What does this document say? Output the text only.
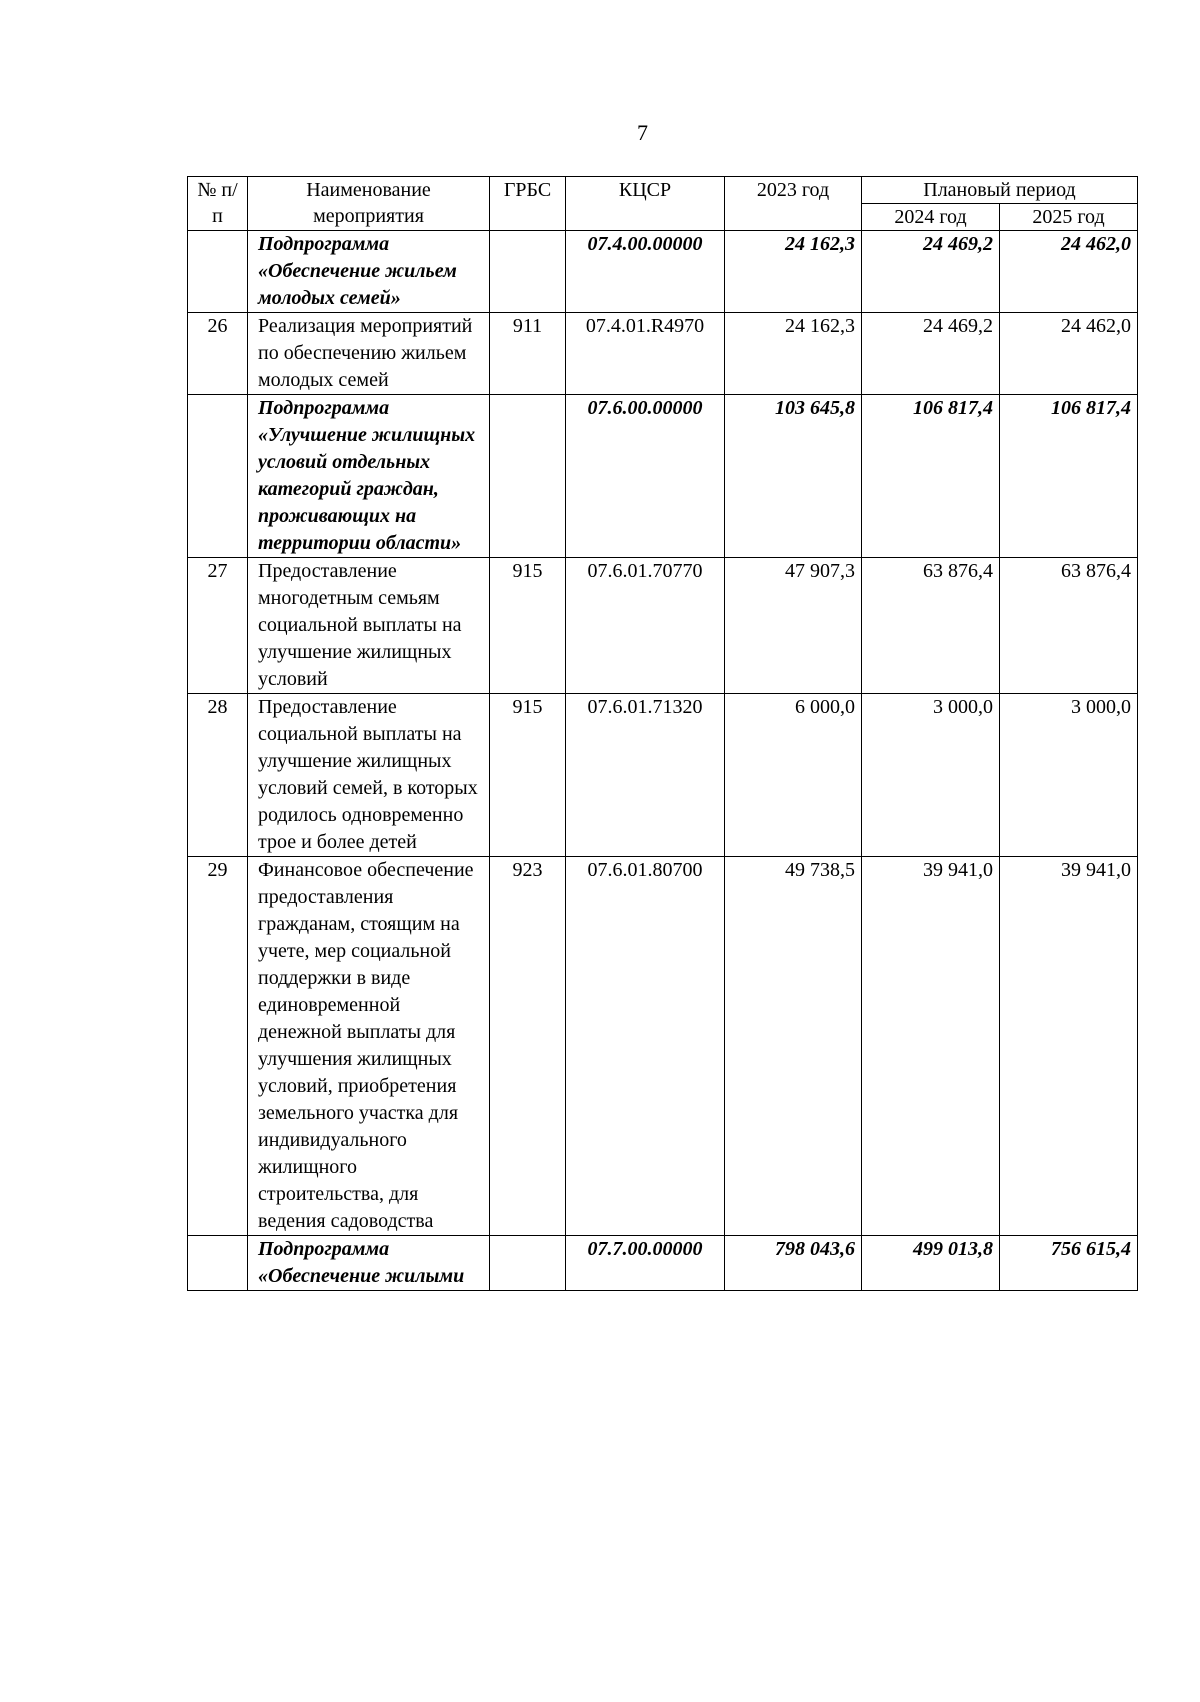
7
№ п/п	Наименование мероприятия	ГРБС	КЦСР	2023 год	Плановый период	
					2024 год	2025 год
	Подпрограмма «Обеспечение жильем молодых семей»		07.4.00.00000	24 162,3	24 469,2	24 462,0
26	Реализация мероприятий по обеспечению жильем молодых семей	911	07.4.01.R4970	24 162,3	24 469,2	24 462,0
	Подпрограмма «Улучшение жилищных условий отдельных категорий граждан, проживающих на территории области»		07.6.00.00000	103 645,8	106 817,4	106 817,4
27	Предоставление многодетным семьям социальной выплаты на улучшение жилищных условий	915	07.6.01.70770	47 907,3	63 876,4	63 876,4
28	Предоставление социальной выплаты на улучшение жилищных условий семей, в которых родилось одновременно трое и более детей	915	07.6.01.71320	6 000,0	3 000,0	3 000,0
29	Финансовое обеспечение предоставления гражданам, стоящим на учете, мер социальной поддержки в виде единовременной денежной выплаты для улучшения жилищных условий, приобретения земельного участка для индивидуального жилищного строительства, для ведения садоводства	923	07.6.01.80700	49 738,5	39 941,0	39 941,0
	Подпрограмма «Обеспечение жилыми		07.7.00.00000	798 043,6	499 013,8	756 615,4
